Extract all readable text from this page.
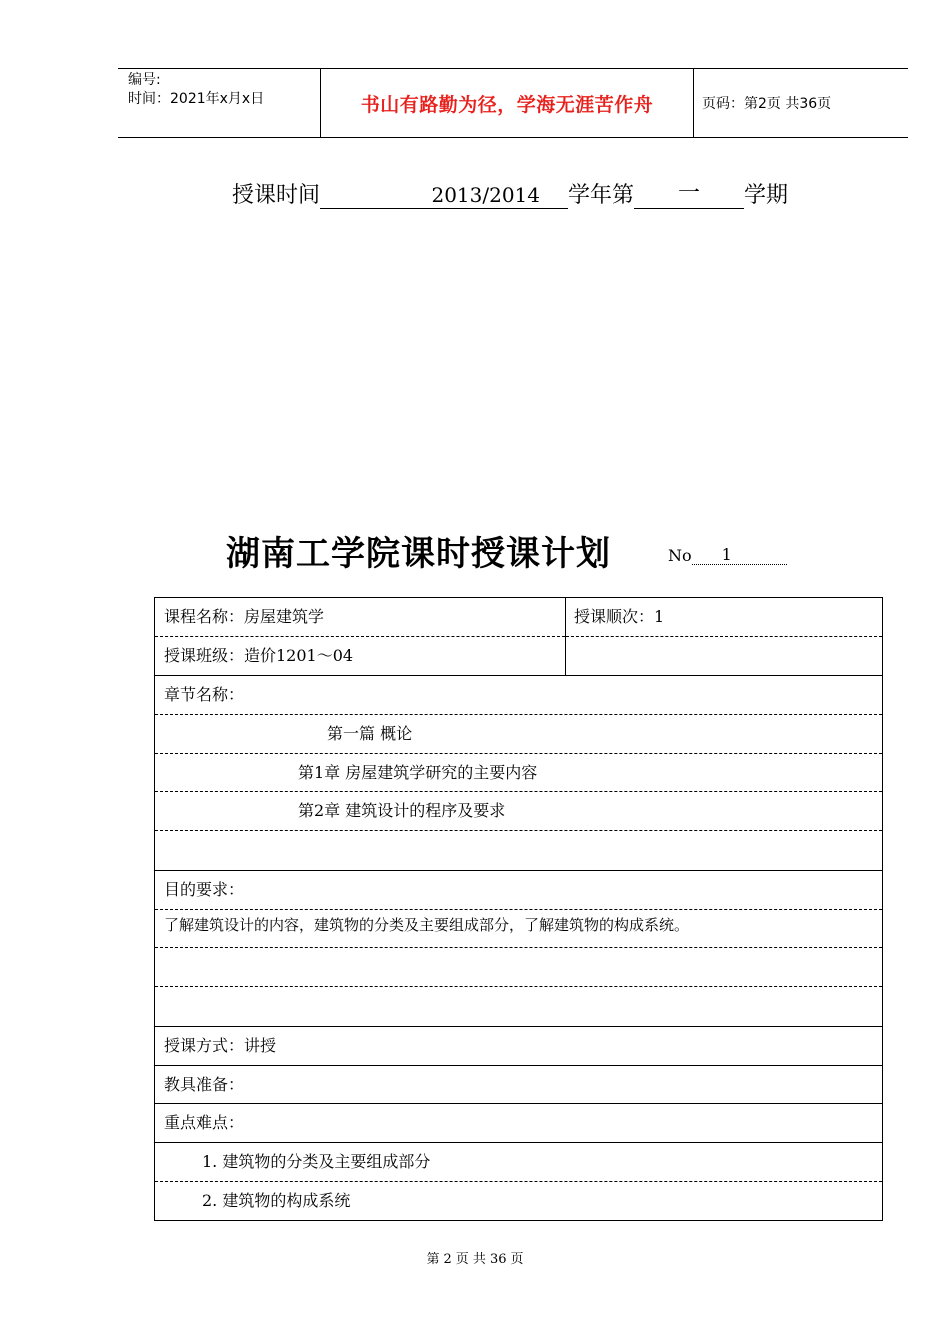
编号:
时间：2021年x月x日	书山有路勤为径，学海无涯苦作舟	页码：第2页 共36页
授课时间	2013/2014	学年第	一	学期
湖南工学院课时授课计划	No	1
课程名称：房屋建筑学	授课顺次：1
授课班级：造价1201～04
章节名称：
第一篇 概论
第1章 房屋建筑学研究的主要内容
第2章 建筑设计的程序及要求
目的要求：
了解建筑设计的内容，建筑物的分类及主要组成部分，了解建筑物的构成系统。
授课方式：讲授
教具准备：
重点难点：
1. 建筑物的分类及主要组成部分
2. 建筑物的构成系统
第 2 页 共 36 页
